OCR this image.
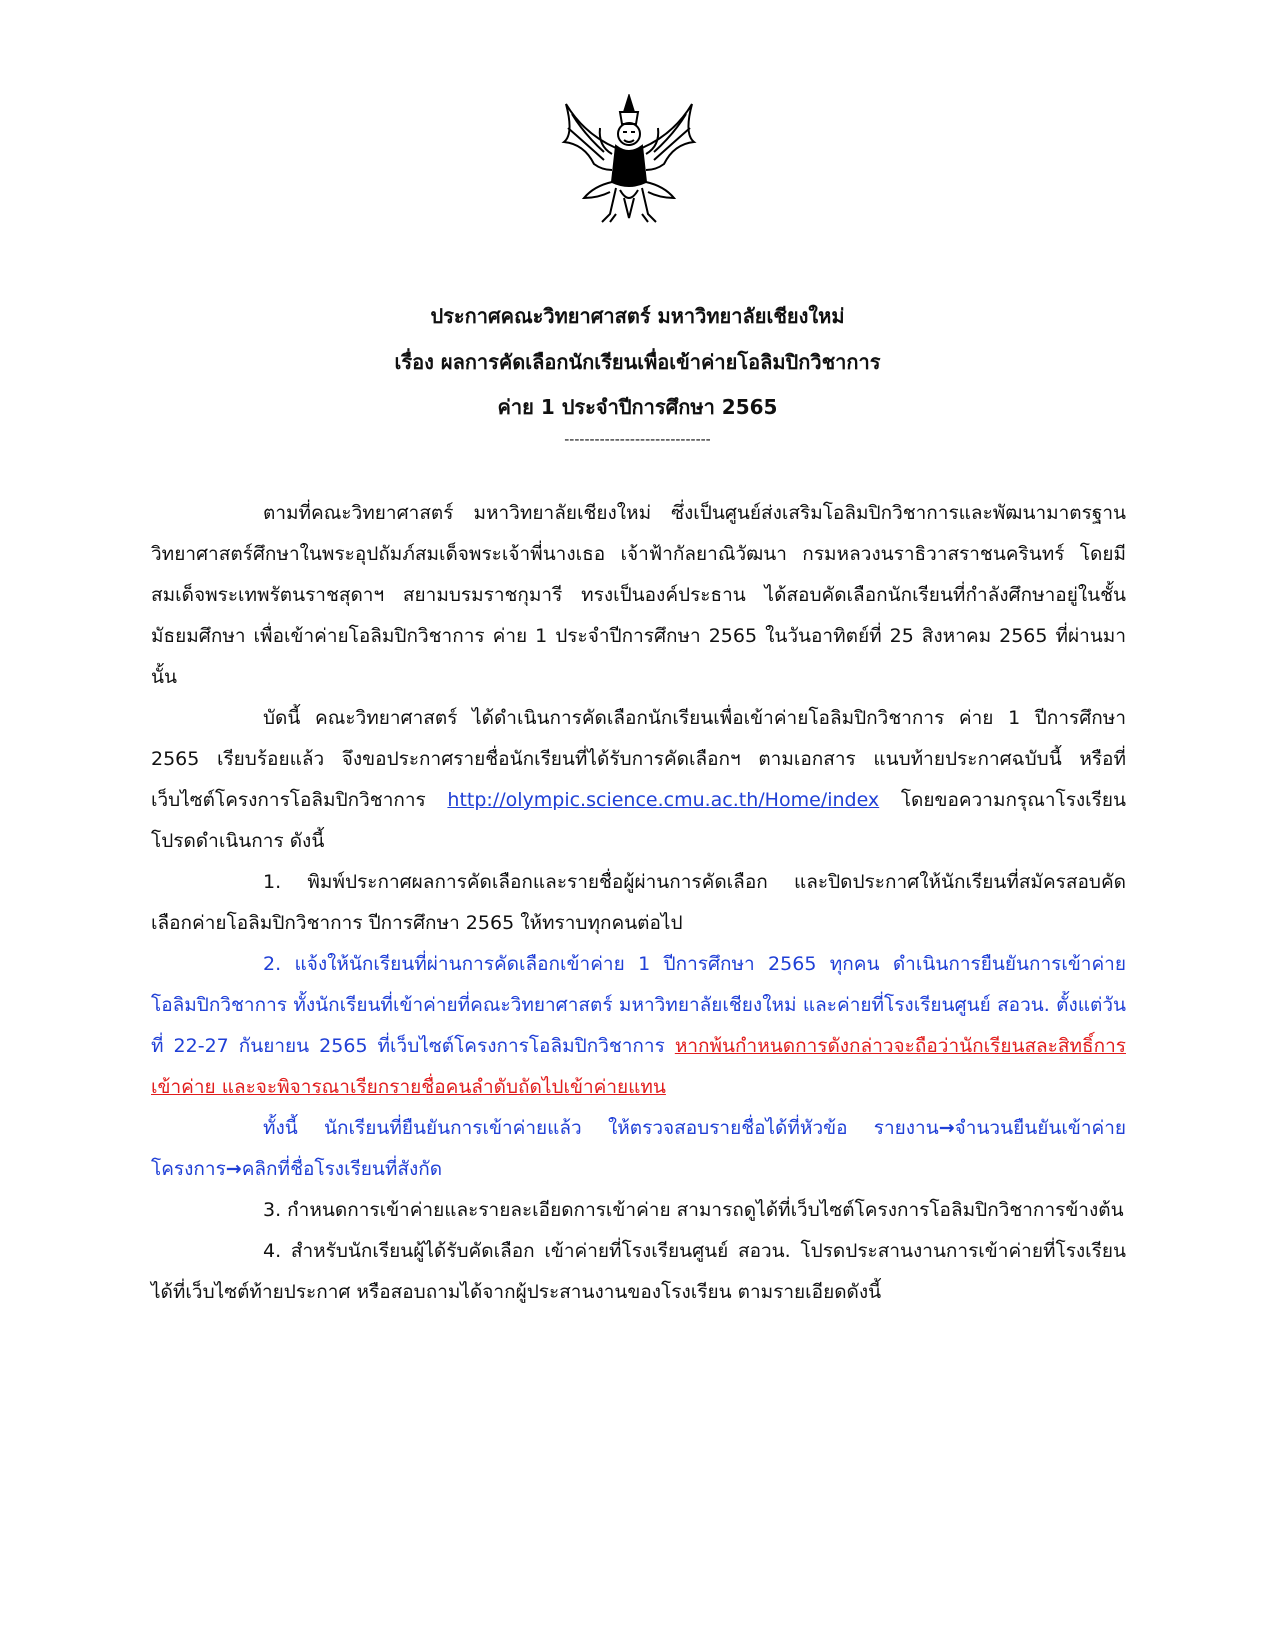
ประกาศคณะวิทยาศาสตร์ มหาวิทยาลัยเชียงใหม่
เรื่อง ผลการคัดเลือกนักเรียนเพื่อเข้าค่ายโอลิมปิกวิชาการ
ค่าย 1 ประจำปีการศึกษา 2565
-----------------------------

ตามที่คณะวิทยาศาสตร์ มหาวิทยาลัยเชียงใหม่ ซึ่งเป็นศูนย์ส่งเสริมโอลิมปิกวิชาการและพัฒนามาตรฐานวิทยาศาสตร์ศึกษาในพระอุปถัมภ์สมเด็จพระเจ้าพี่นางเธอ เจ้าฟ้ากัลยาณิวัฒนา กรมหลวงนราธิวาสราชนครินทร์ โดยมีสมเด็จพระเทพรัตนราชสุดาฯ สยามบรมราชกุมารี ทรงเป็นองค์ประธาน ได้สอบคัดเลือกนักเรียนที่กำลังศึกษาอยู่ในชั้นมัธยมศึกษา เพื่อเข้าค่ายโอลิมปิกวิชาการ ค่าย 1 ประจำปีการศึกษา 2565 ในวันอาทิตย์ที่ 25 สิงหาคม 2565 ที่ผ่านมานั้น

บัดนี้ คณะวิทยาศาสตร์ ได้ดำเนินการคัดเลือกนักเรียนเพื่อเข้าค่ายโอลิมปิกวิชาการ ค่าย 1 ปีการศึกษา 2565 เรียบร้อยแล้ว จึงขอประกาศรายชื่อนักเรียนที่ได้รับการคัดเลือกฯ ตามเอกสาร แนบท้ายประกาศฉบับนี้ หรือที่เว็บไซต์โครงการโอลิมปิกวิชาการ http://olympic.science.cmu.ac.th/Home/index โดยขอความกรุณาโรงเรียนโปรดดำเนินการ ดังนี้

1. พิมพ์ประกาศผลการคัดเลือกและรายชื่อผู้ผ่านการคัดเลือก และปิดประกาศให้นักเรียนที่สมัครสอบคัดเลือกค่ายโอลิมปิกวิชาการ ปีการศึกษา 2565 ให้ทราบทุกคนต่อไป

2. แจ้งให้นักเรียนที่ผ่านการคัดเลือกเข้าค่าย 1 ปีการศึกษา 2565 ทุกคน ดำเนินการยืนยันการเข้าค่ายโอลิมปิกวิชาการ ทั้งนักเรียนที่เข้าค่ายที่คณะวิทยาศาสตร์ มหาวิทยาลัยเชียงใหม่ และค่ายที่โรงเรียนศูนย์ สอวน. ตั้งแต่วันที่ 22-27 กันยายน 2565 ที่เว็บไซต์โครงการโอลิมปิกวิชาการ หากพ้นกำหนดการดังกล่าวจะถือว่านักเรียนสละสิทธิ์การเข้าค่าย และจะพิจารณาเรียกรายชื่อคนลำดับถัดไปเข้าค่ายแทน

ทั้งนี้ นักเรียนที่ยืนยันการเข้าค่ายแล้ว ให้ตรวจสอบรายชื่อได้ที่หัวข้อ รายงาน→จำนวนยืนยันเข้าค่ายโครงการ→คลิกที่ชื่อโรงเรียนที่สังกัด

3. กำหนดการเข้าค่ายและรายละเอียดการเข้าค่าย สามารถดูได้ที่เว็บไซต์โครงการโอลิมปิกวิชาการข้างต้น

4. สำหรับนักเรียนผู้ได้รับคัดเลือก เข้าค่ายที่โรงเรียนศูนย์ สอวน. โปรดประสานงานการเข้าค่ายที่โรงเรียน ได้ที่เว็บไซต์ท้ายประกาศ หรือสอบถามได้จากผู้ประสานงานของโรงเรียน ตามรายเอียดดังนี้
